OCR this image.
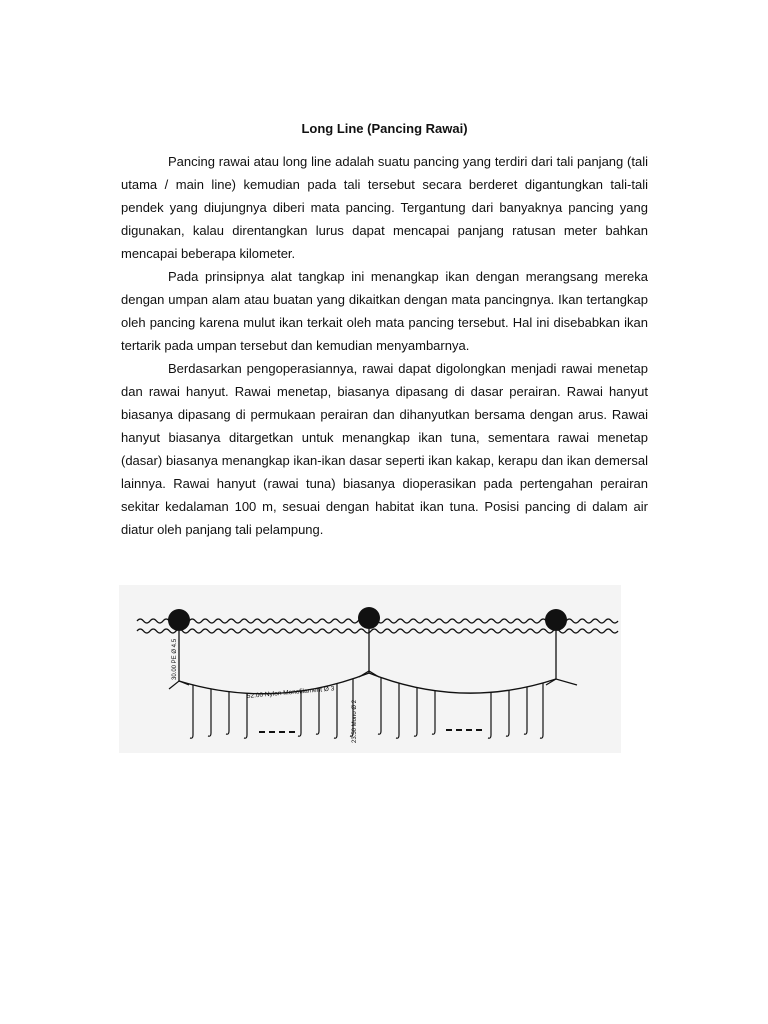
Long Line (Pancing Rawai)

Pancing rawai atau long line adalah suatu pancing yang terdiri dari tali panjang (tali utama / main line) kemudian pada tali tersebut secara berderet digantungkan tali-tali pendek yang diujungnya diberi mata pancing. Tergantung dari banyaknya pancing yang digunakan, kalau direntangkan lurus dapat mencapai panjang ratusan meter bahkan mencapai beberapa kilometer.

Pada prinsipnya alat tangkap ini menangkap ikan dengan merangsang mereka dengan umpan alam atau buatan yang dikaitkan dengan mata pancingnya. Ikan tertangkap oleh pancing karena mulut ikan terkait oleh mata pancing tersebut. Hal ini disebabkan ikan tertarik pada umpan tersebut dan kemudian menyambarnya.

Berdasarkan pengoperasiannya, rawai dapat digolongkan menjadi rawai menetap dan rawai hanyut. Rawai menetap, biasanya dipasang di dasar perairan. Rawai hanyut biasanya dipasang di permukaan perairan dan dihanyutkan bersama dengan arus. Rawai hanyut biasanya ditargetkan untuk menangkap ikan tuna, sementara rawai menetap (dasar) biasanya menangkap ikan-ikan dasar seperti ikan kakap, kerapu dan ikan demersal lainnya. Rawai hanyut (rawai tuna) biasanya dioperasikan pada pertengahan perairan sekitar kedalaman 100 m, sesuai dengan habitat ikan tuna. Posisi pancing di dalam air diatur oleh panjang tali pelampung.

30.00 PE Ø 4.5
52.00 Nylon Monofilament Ø 3
23.50 Mono Ø 2
